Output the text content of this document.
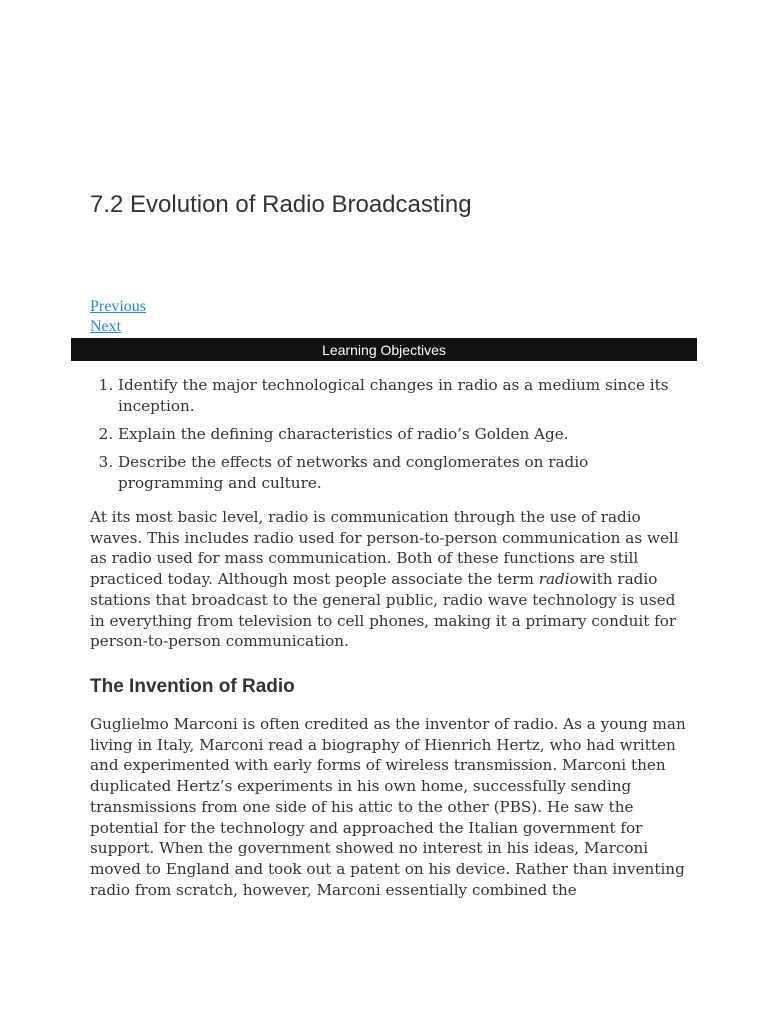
7.2 Evolution of Radio Broadcasting
Previous
Next
Learning Objectives
1. Identify the major technological changes in radio as a medium since its inception.
2. Explain the defining characteristics of radio’s Golden Age.
3. Describe the effects of networks and conglomerates on radio programming and culture.

At its most basic level, radio is communication through the use of radio waves. This includes radio used for person-to-person communication as well as radio used for mass communication. Both of these functions are still practiced today. Although most people associate the term radiowith radio stations that broadcast to the general public, radio wave technology is used in everything from television to cell phones, making it a primary conduit for person-to-person communication.

The Invention of Radio

Guglielmo Marconi is often credited as the inventor of radio. As a young man living in Italy, Marconi read a biography of Hienrich Hertz, who had written and experimented with early forms of wireless transmission. Marconi then duplicated Hertz’s experiments in his own home, successfully sending transmissions from one side of his attic to the other (PBS). He saw the potential for the technology and approached the Italian government for support. When the government showed no interest in his ideas, Marconi moved to England and took out a patent on his device. Rather than inventing radio from scratch, however, Marconi essentially combined the
